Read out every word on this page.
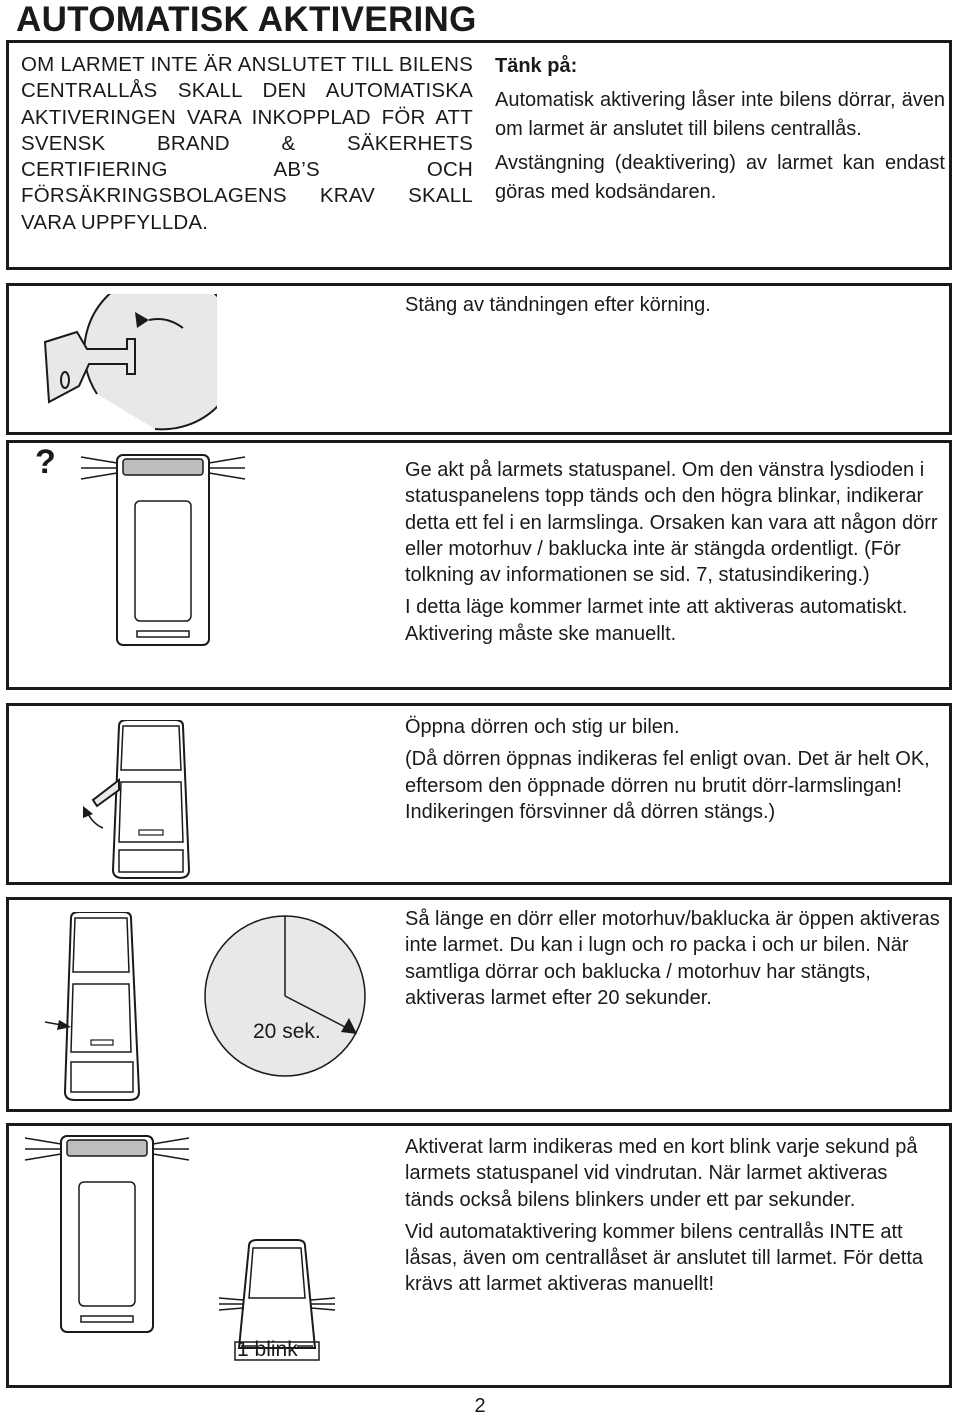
AUTOMATISK AKTIVERING
OM LARMET INTE ÄR ANSLUTET TILL BILENS CENTRALLÅS SKALL DEN AUTOMATISKA AKTIVERINGEN VARA INKOPPLAD FÖR ATT SVENSK BRAND & SÄKERHETS CERTIFIERING AB’S OCH FÖRSÄKRINGSBOLAGENS KRAV SKALL VARA UPPFYLLDA.

Tänk på:

Automatisk aktivering låser inte bilens dörrar, även om larmet är anslutet till bilens centrallås.

Avstängning (deaktivering) av larmet kan endast göras med kodsändaren.

Stäng av tändningen efter körning.

?	Ge akt på larmets statuspanel. Om den vänstra lysdioden i statuspanelens topp tänds och den högra blinkar, indikerar detta ett fel i en larmslinga. Orsaken kan vara att någon dörr eller motorhuv / baklucka inte är stängda ordentligt. (För tolkning av informationen se sid. 7, statusindikering.)

I detta läge kommer larmet inte att aktiveras automatiskt. Aktivering måste ske manuellt.

Öppna dörren och stig ur bilen.

(Då dörren öppnas indikeras fel enligt ovan. Det är helt OK, eftersom den öppnade dörren nu brutit dörr-larmslingan! Indikeringen försvinner då dörren stängs.)

20 sek.

Så länge en dörr eller motorhuv/baklucka är öppen aktiveras inte larmet. Du kan i lugn och ro packa i och ur bilen. När samtliga dörrar och baklucka / motorhuv har stängts, aktiveras larmet efter 20 sekunder.

1 blink

Aktiverat larm indikeras med en kort blink varje sekund på larmets statuspanel vid vindrutan. När larmet aktiveras tänds också bilens blinkers under ett par sekunder.

Vid automataktivering kommer bilens centrallås INTE att låsas, även om centrallåset är anslutet till larmet. För detta krävs att larmet aktiveras manuellt!

2
